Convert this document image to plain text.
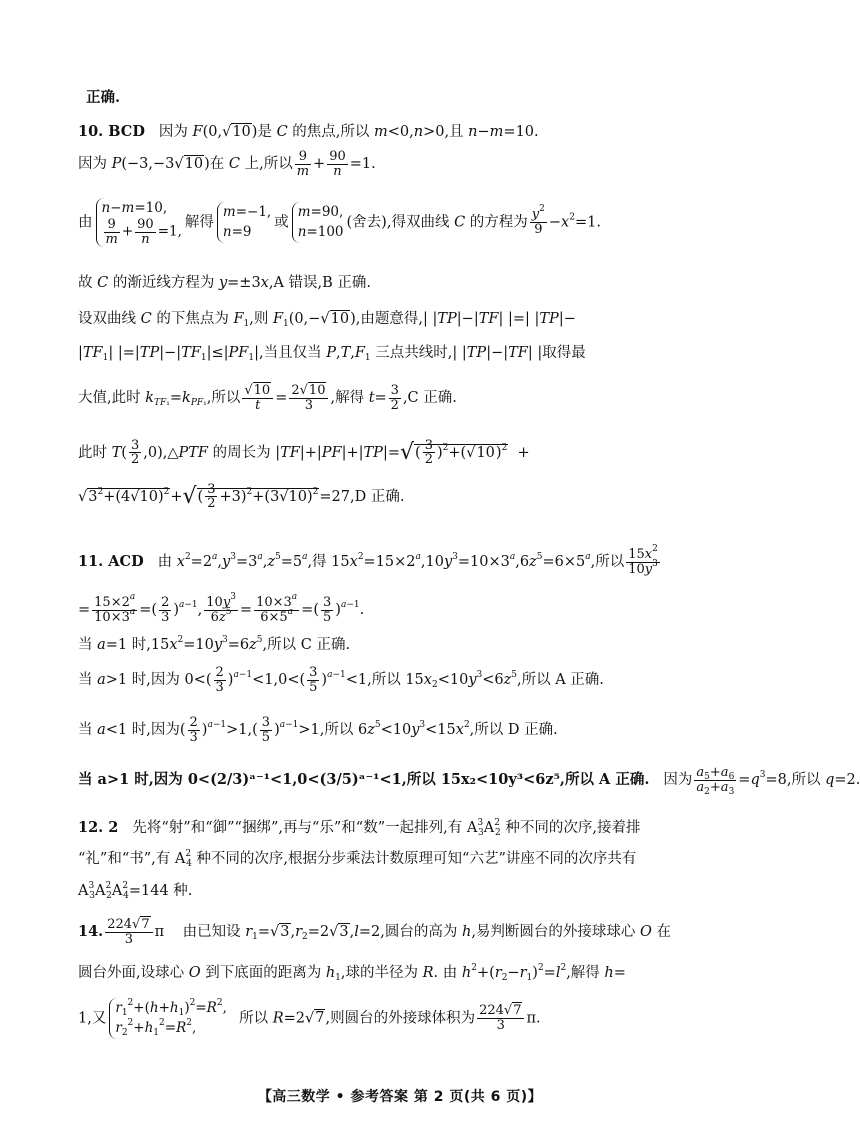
正确.
10. BCD 因为 F(0,√10)是 C 的焦点,所以 m<0,n>0,且 n−m=10.
因为 P(−3,−3√10)在 C 上,所以 $\frac{9}{m} + \frac{90}{n} =1$.
由
n−m=10,
$\frac{9}{m} + \frac{90}{n} =1$,
解得
m=−1,
n=9
或
m=90,
n=100
(舍去),得双曲线 C 的方程为 $\frac{y^2}{9} -x^2=1$.
故 C 的渐近线方程为 y=±3x,A 错误,B 正确.
设双曲线 C 的下焦点为 $F_1$,则 $F_1(0,-√10)$,由题意得,| |TP|−|TF| |=| |TP|−
$|TF_1|$ $|=|TP|-|TF_1|\le|PF_1|$,当且仅当 $P,T,F_1$ 三点共线时,| |TP|−|TF| |取得最
大值,此时 $k_{TF_1}=k_{PF_1}$,所以 $\frac{√10}{t} = \frac{2√10}{3}$ ,解得 $t= \frac{3}{2} ,C$ 正确.
此时 $T( \frac{3}{2}$ ,0),△PTF 的周长为 $|TF|+|PF|+|TP|=√( \frac{3}{2} )^2+(√10)^2$  +
$√3^2+(4√10)^2+√( \frac{3}{2} +3)^2+(3√10)^2=27,D$ 正确.
11. ACD 由 $x^2=2^a,y^3=3^a,z^5=5^a$,得 $15x^2=15\times 2^a,10y^3=10\times 3^a,6z^5=6\times 5^a$,所以 $\frac{15x^2}{10y^3}$
= $\frac{15\times 2^a}{10\times 3^a}$ =( $\frac{2}{3} )^{a-1}$, $\frac{10y^3}{6z^5} = \frac{10\times 3^a}{6\times 5^a}$ =( $\frac{3}{5} )^{a-1}$.
当 a=1 时$,15x^2=10y^3=6z^5$,所以 C 正确.
当 a>1 时,因为 $0<( \frac{2}{3} )^{a-1}<1,0<( \frac{3}{5} )^{a-1}<1$,所以 $15x_2<10y^3<6z^5$,所以 A 正确.
当 a<1 时,因为( $\frac{2}{3} )^{a-1}>1,( \frac{3}{5} )^{a-1}>1$,所以 $6z^5<10y^3<15x^2$,所以 D 正确.
当 a>1 时,因为 0<(2/3)ᵃ⁻¹<1,0<(3/5)ᵃ⁻¹<1,所以 15x₂<10y³<6z⁵,所以 A 正确. 因为 $\frac{a_5+a_6}{a_2+a_3} =q^3=8$,所以 q=2.
12. 2 先将“射”和“御”“捆绑”,再与“乐”和“数”一起排列,有 $A^3_3A^2_2$ 种不同的次序,接着排
“礼”和“书”,有 $A^2_4$ 种不同的次序,根据分步乘法计数原理可知“六艺”讲座不同的次序共有
$A^3_3A^2_2A^2_4=144$ 种.
14. $\frac{224√7}{3}$ π    由已知设 $r_1=√3,r_2=2√3,l=2$,圆台的高为 h,易判断圆台的外接球球心 O 在
圆台外面,设球心 O 到下底面的距离为 $h_1$,球的半径为 R. 由 $h^2+(r_2-r_1)^2=l^2$,解得 h=
1,又
$r_1^2+(h+h_1)^2=R^2$,
$r_2^2+h_1^2=R^2$,
所以 R=2√7,则圆台的外接球体积为 $\frac{224√7}{3} \pi$.
【高三数学 • 参考答案 第 2 页(共 6 页)】
